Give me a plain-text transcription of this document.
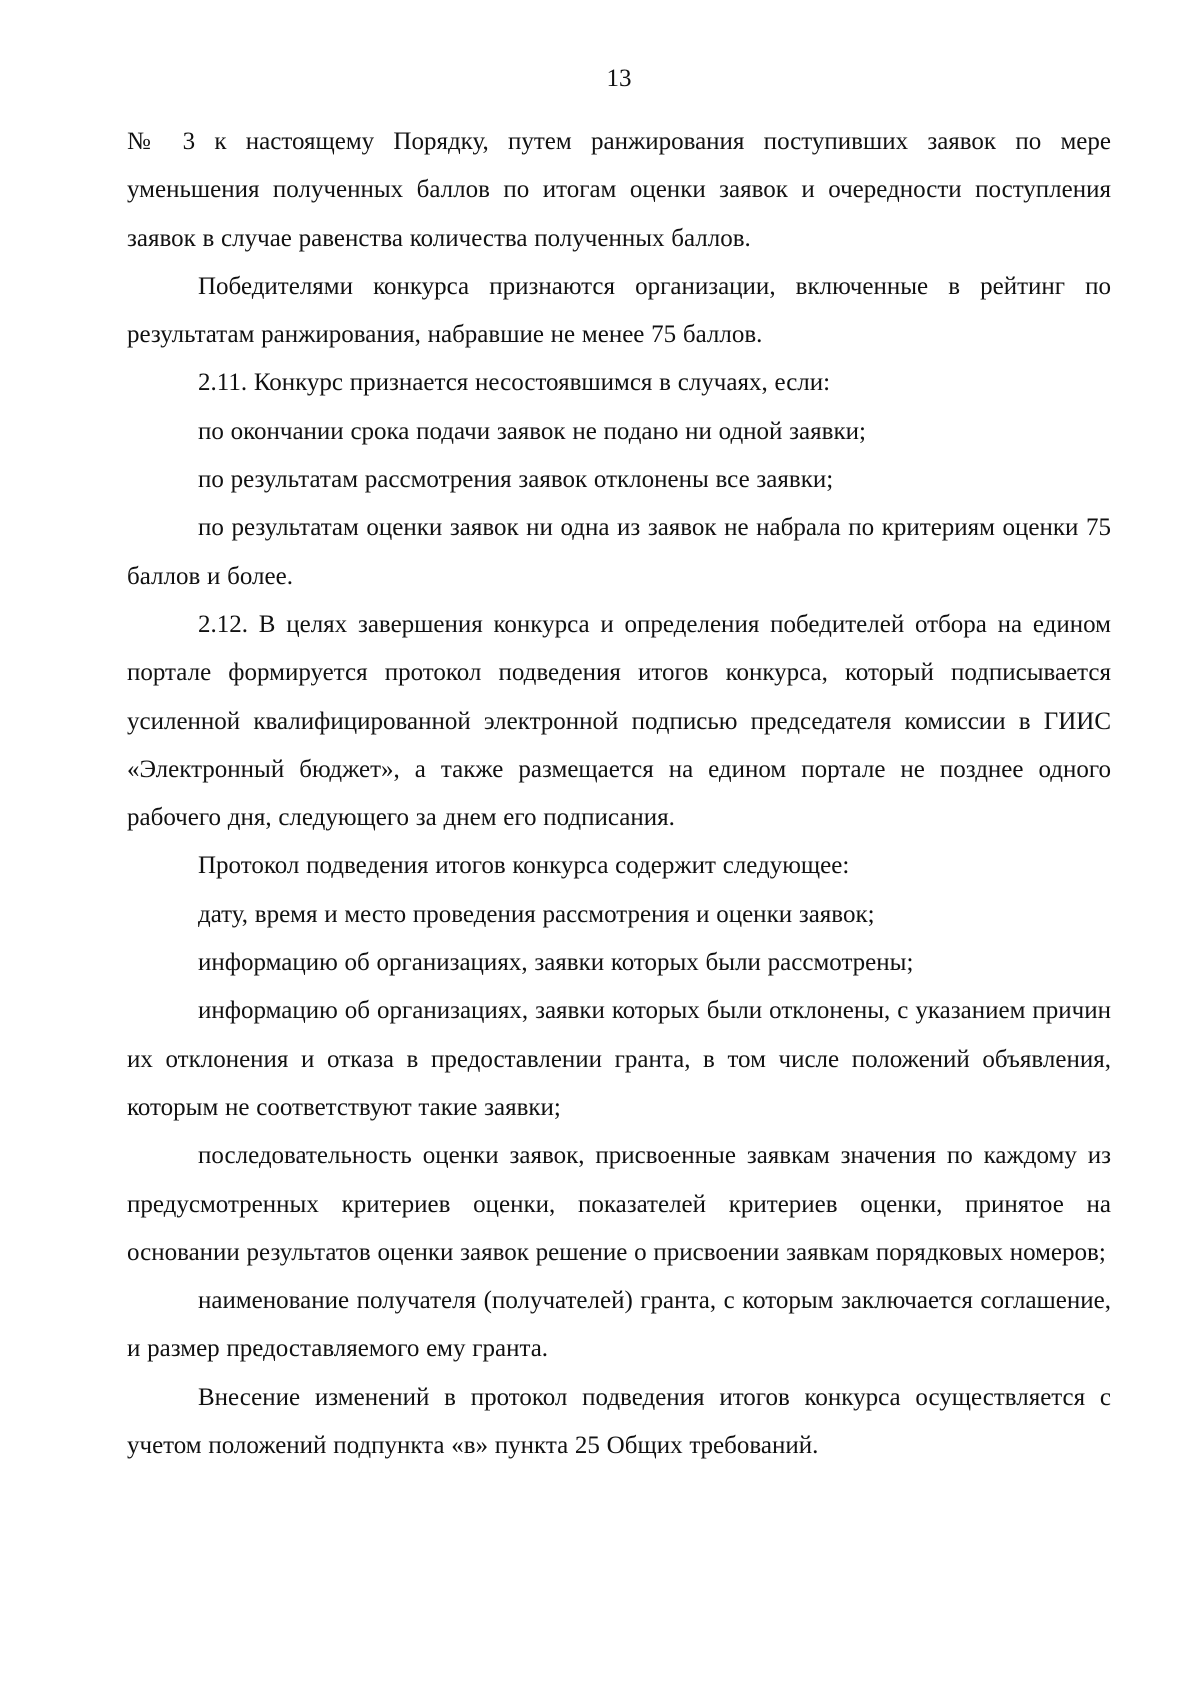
13

№ 3 к настоящему Порядку, путем ранжирования поступивших заявок по мере уменьшения полученных баллов по итогам оценки заявок и очередности поступления заявок в случае равенства количества полученных баллов.

Победителями конкурса признаются организации, включенные в рейтинг по результатам ранжирования, набравшие не менее 75 баллов.

2.11. Конкурс признается несостоявшимся в случаях, если:

по окончании срока подачи заявок не подано ни одной заявки;

по результатам рассмотрения заявок отклонены все заявки;

по результатам оценки заявок ни одна из заявок не набрала по критериям оценки 75 баллов и более.

2.12. В целях завершения конкурса и определения победителей отбора на едином портале формируется протокол подведения итогов конкурса, который подписывается усиленной квалифицированной электронной подписью председателя комиссии в ГИИС «Электронный бюджет», а также размещается на едином портале не позднее одного рабочего дня, следующего за днем его подписания.

Протокол подведения итогов конкурса содержит следующее:

дату, время и место проведения рассмотрения и оценки заявок;

информацию об организациях, заявки которых были рассмотрены;

информацию об организациях, заявки которых были отклонены, с указанием причин их отклонения и отказа в предоставлении гранта, в том числе положений объявления, которым не соответствуют такие заявки;

последовательность оценки заявок, присвоенные заявкам значения по каждому из предусмотренных критериев оценки, показателей критериев оценки, принятое на основании результатов оценки заявок решение о присвоении заявкам порядковых номеров;

наименование получателя (получателей) гранта, с которым заключается соглашение, и размер предоставляемого ему гранта.

Внесение изменений в протокол подведения итогов конкурса осуществляется с учетом положений подпункта «в» пункта 25 Общих требований.
